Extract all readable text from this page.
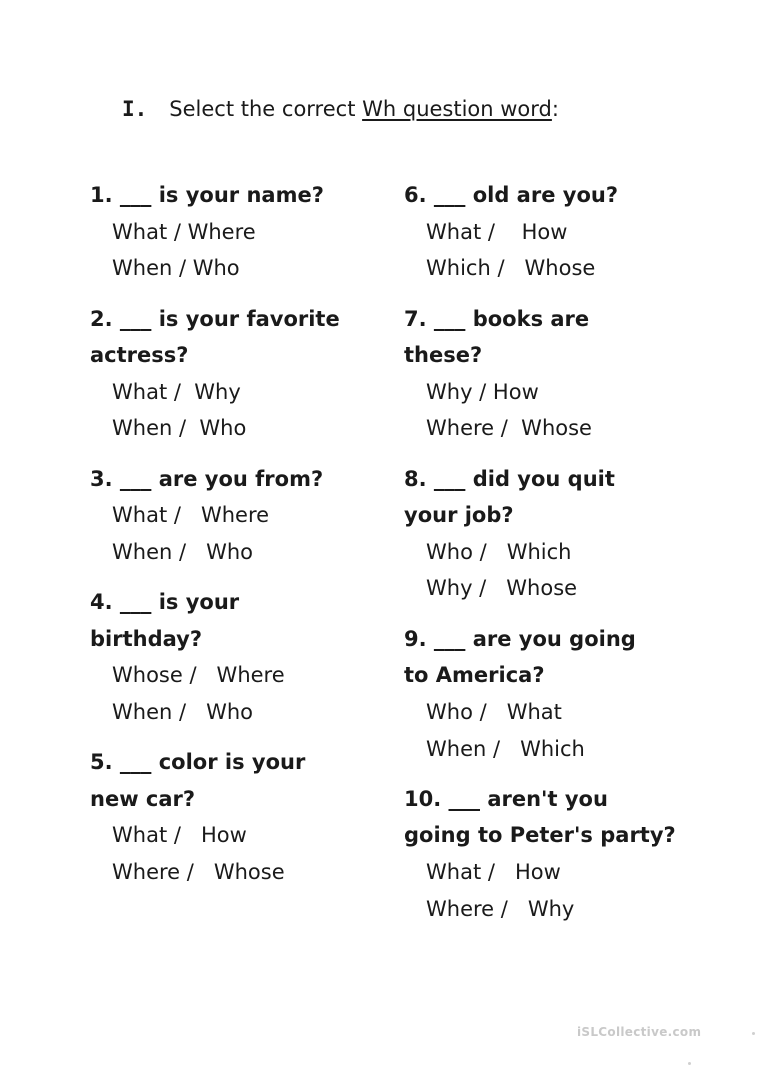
I. Select the correct Wh question word:
1. ___ is your name?
What / Where
When / Who
2. ___ is your favorite
actress?
What /  Why
When /  Who
3. ___ are you from?
What /   Where
When /   Who
4. ___ is your
birthday?
Whose /   Where
When /   Who
5. ___ color is your
new car?
What /   How
Where /   Whose
6. ___ old are you?
What /    How
Which /   Whose
7. ___ books are
these?
Why / How
Where /  Whose
8. ___ did you quit
your job?
Who /   Which
Why /   Whose
9. ___ are you going
to America?
Who /   What
When /   Which
10. ___ aren't you
going to Peter's party?
What /   How
Where /   Why
iSLCollective.com
